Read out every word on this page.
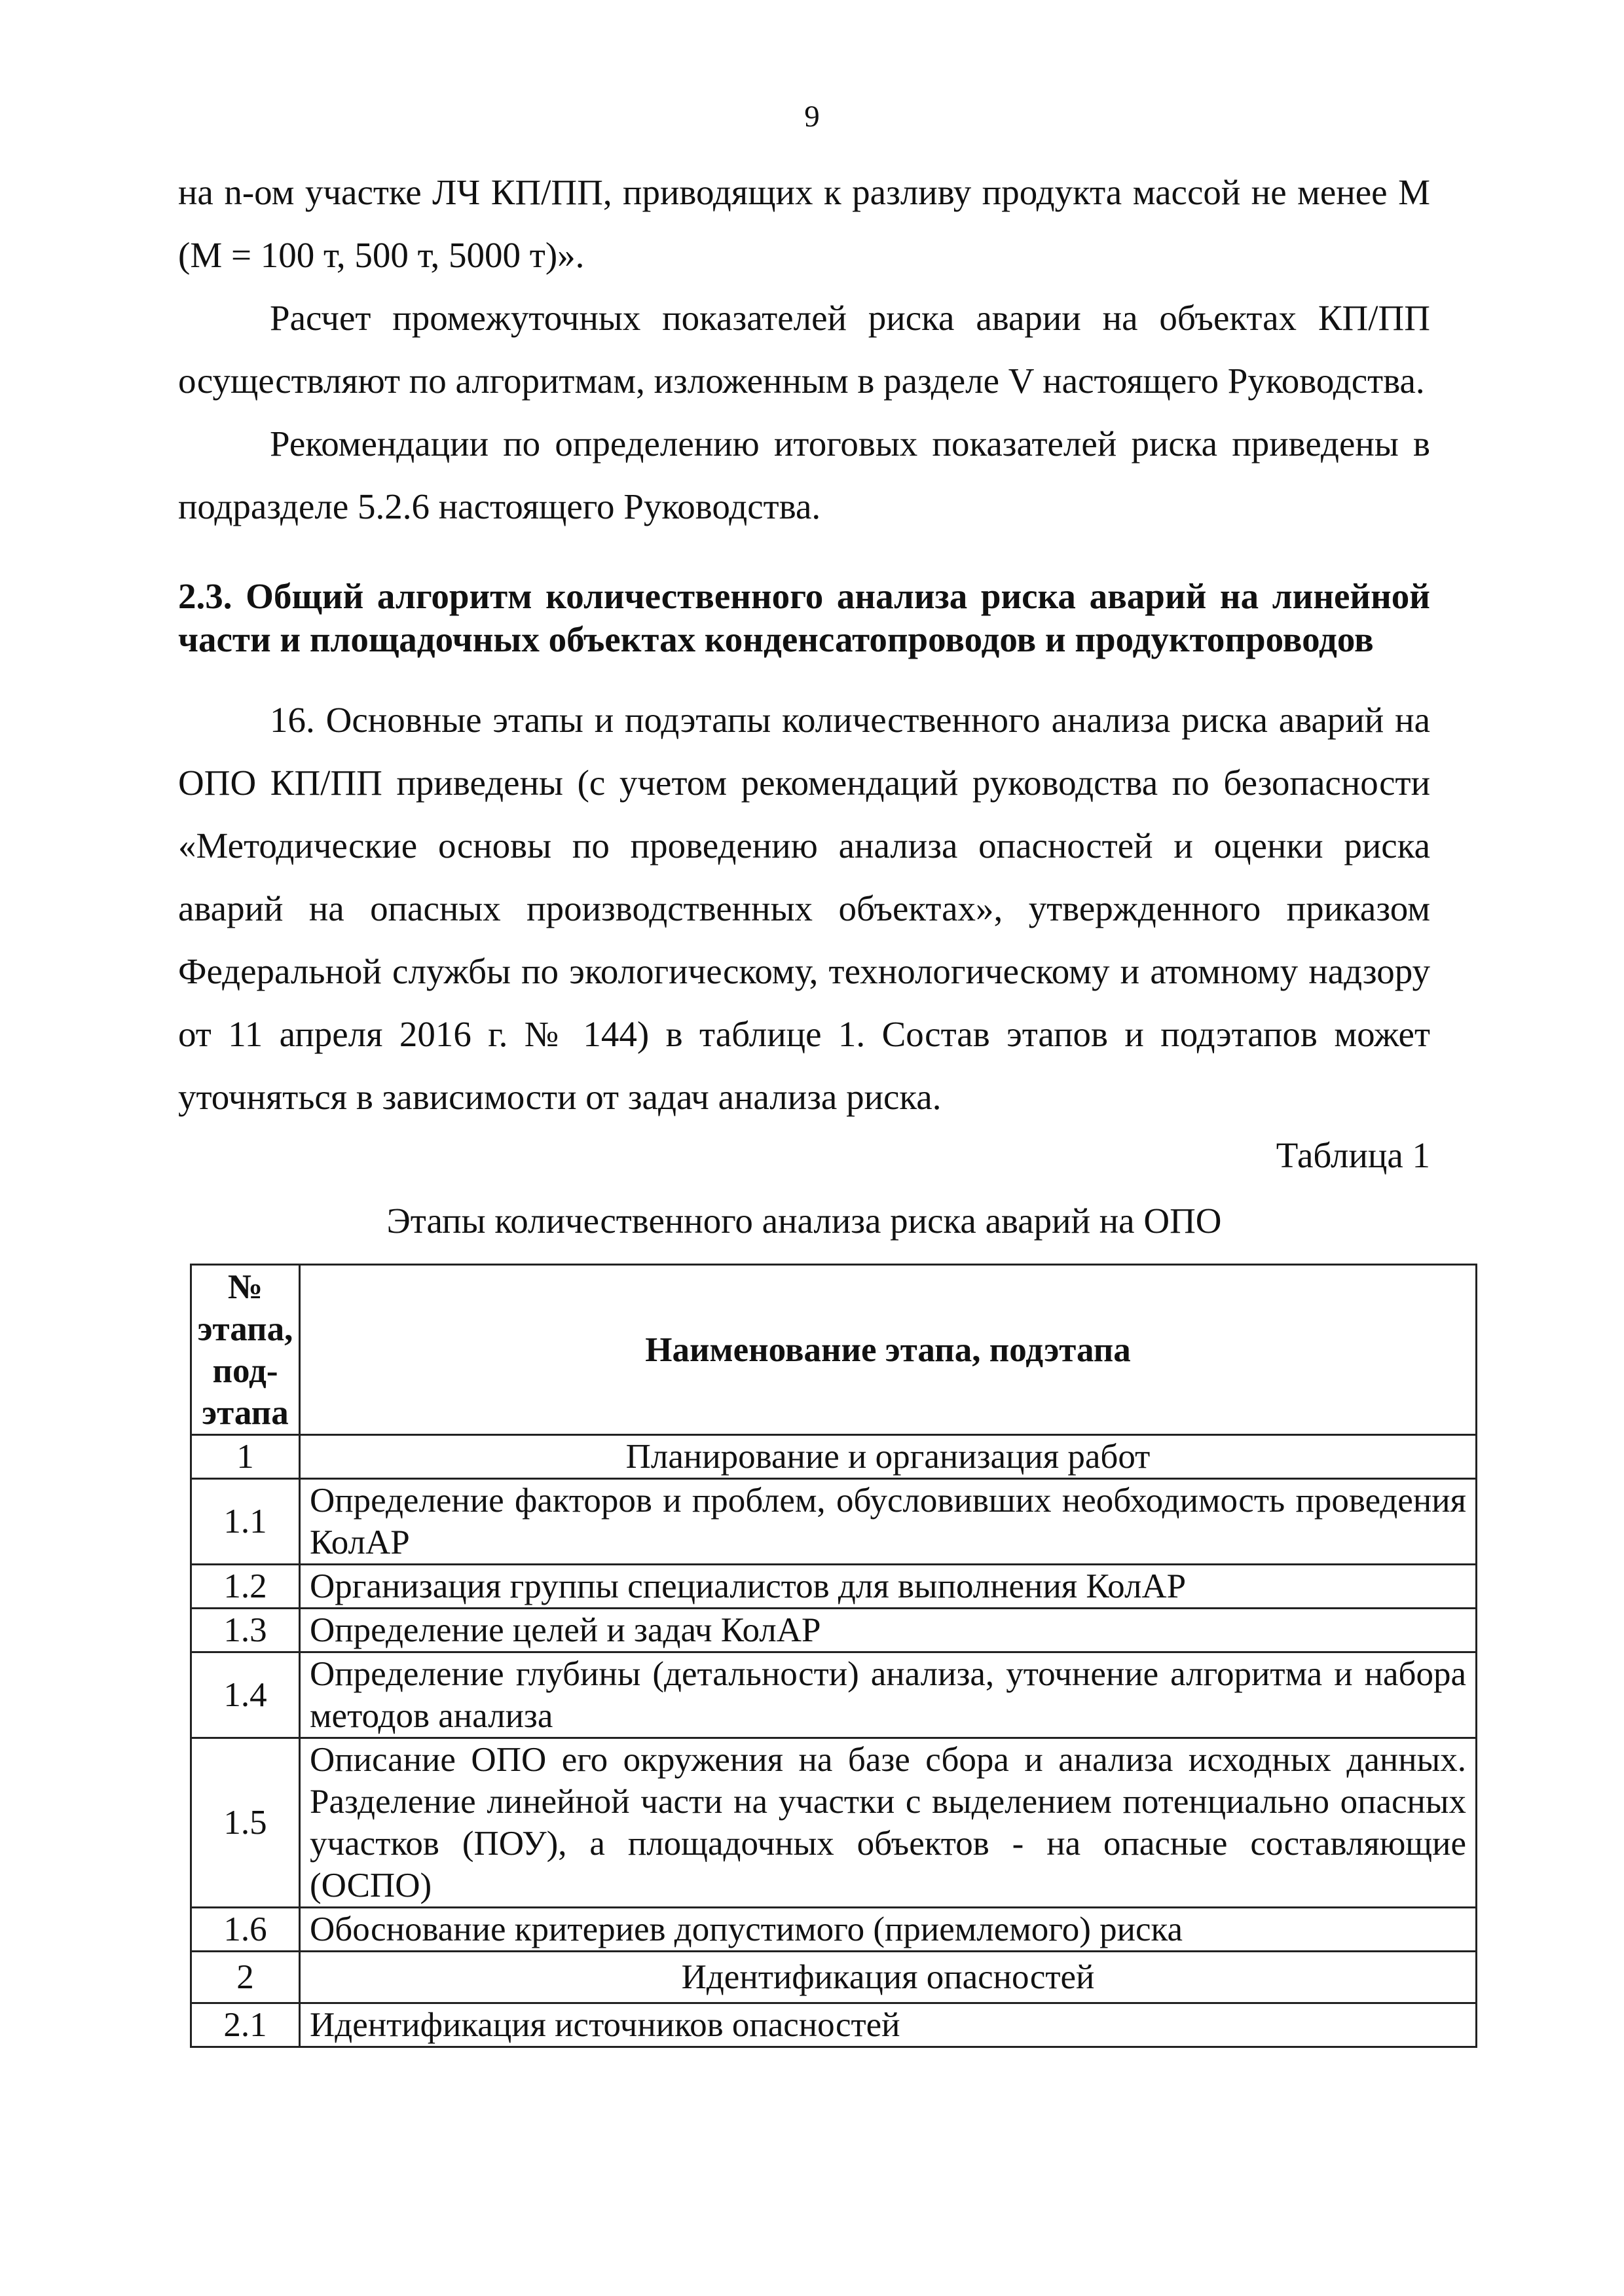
9

на n-ом участке ЛЧ КП/ПП, приводящих к разливу продукта массой не менее M (M = 100 т, 500 т, 5000 т)».

Расчет промежуточных показателей риска аварии на объектах КП/ПП осуществляют по алгоритмам, изложенным в разделе V настоящего Руководства.

Рекомендации по определению итоговых показателей риска приведены в подразделе 5.2.6 настоящего Руководства.

2.3. Общий алгоритм количественного анализа риска аварий на линейной части и площадочных объектах конденсатопроводов и продуктопроводов

16. Основные этапы и подэтапы количественного анализа риска аварий на ОПО КП/ПП приведены (с учетом рекомендаций руководства по безопасности «Методические основы по проведению анализа опасностей и оценки риска аварий на опасных производственных объектах», утвержденного приказом Федеральной службы по экологическому, технологическому и атомному надзору от 11 апреля 2016 г. № 144) в таблице 1. Состав этапов и подэтапов может уточняться в зависимости от задач анализа риска.

Таблица 1
Этапы количественного анализа риска аварий на ОПО
№ этапа, под-этапа	Наименование этапа, подэтапа
1	Планирование и организация работ
1.1	Определение факторов и проблем, обусловивших необходимость проведения КолАР
1.2	Организация группы специалистов для выполнения КолАР
1.3	Определение целей и задач КолАР
1.4	Определение глубины (детальности) анализа, уточнение алгоритма и набора методов анализа
1.5	Описание ОПО его окружения на базе сбора и анализа исходных данных. Разделение линейной части на участки с выделением потенциально опасных участков (ПОУ), а площадочных объектов - на опасные составляющие (ОСПО)
1.6	Обоснование критериев допустимого (приемлемого) риска
2	Идентификация опасностей
2.1	Идентификация источников опасностей
